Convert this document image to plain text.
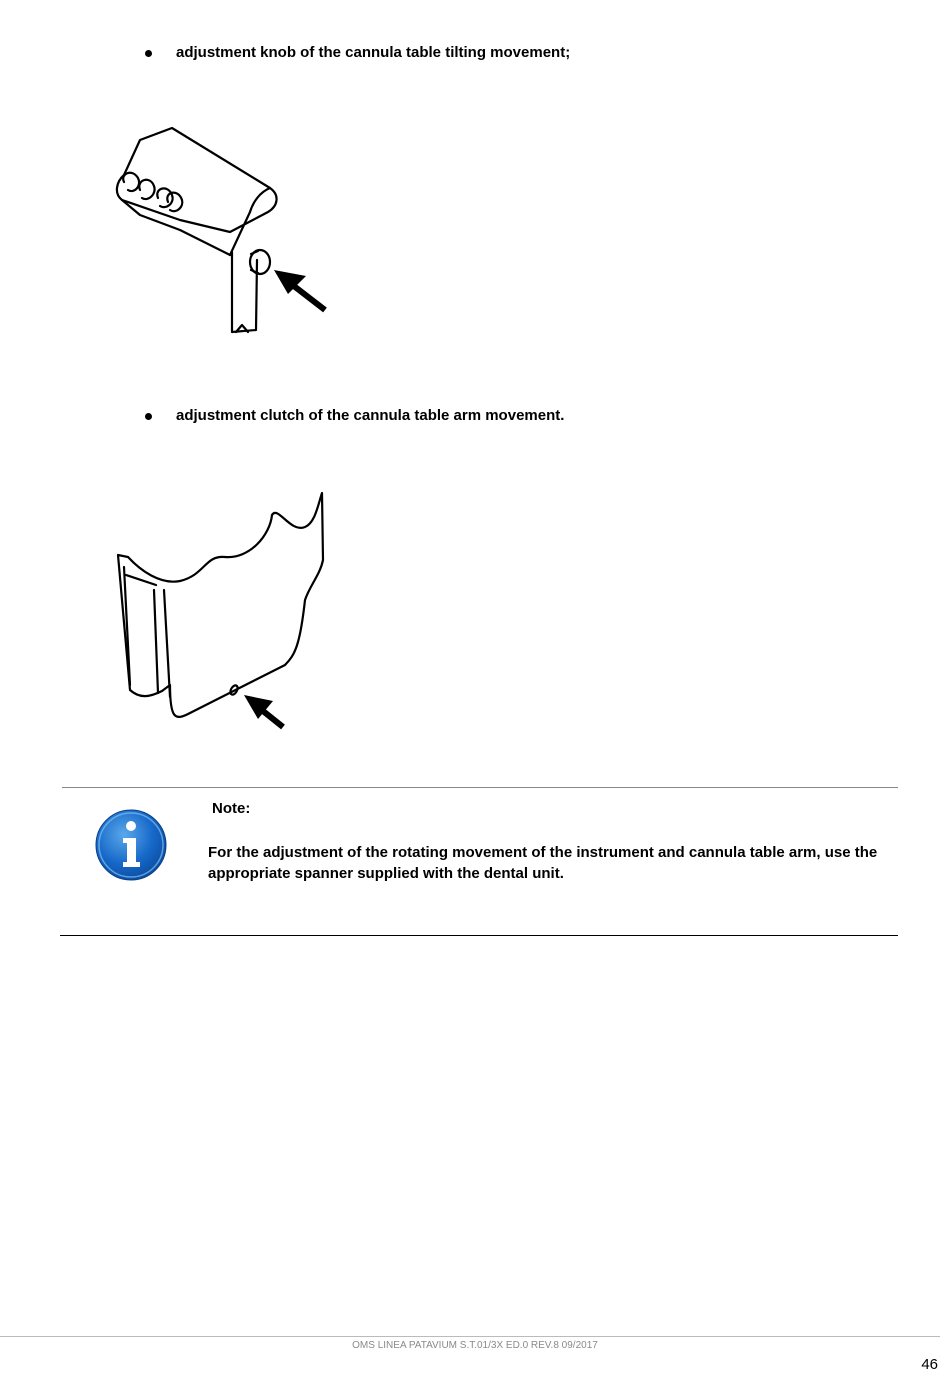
adjustment knob of the cannula table tilting movement;
adjustment clutch of the cannula table arm movement.
Note:
For the adjustment of the rotating movement of the instrument and cannula table arm, use the appropriate spanner supplied with the dental unit.
OMS LINEA PATAVIUM S.T.01/3X ED.0 REV.8 09/2017
46
